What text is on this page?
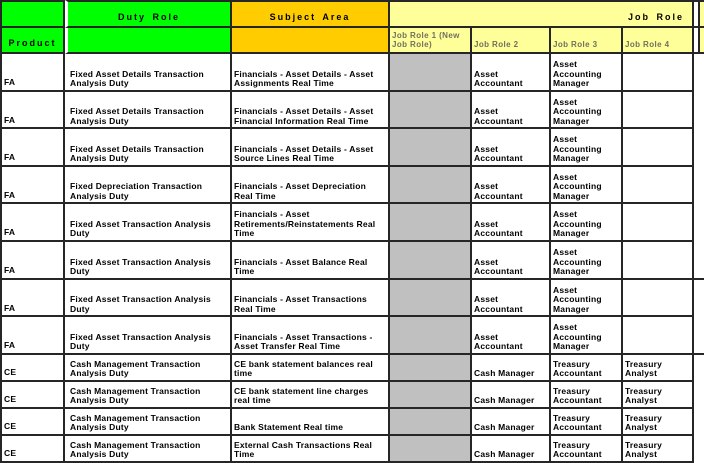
	Duty Role	Subject Area	Job Role				
Product			Job Role 1 (New Job Role)	Job Role 2	Job Role 3	Job Role 4	
FA	Fixed Asset Details Transaction Analysis Duty	Financials - Asset Details - Asset Assignments Real Time		Asset Accountant	Asset Accounting Manager		
FA	Fixed Asset Details Transaction Analysis Duty	Financials - Asset Details - Asset Financial Information Real Time		Asset Accountant	Asset Accounting Manager		
FA	Fixed Asset Details Transaction Analysis Duty	Financials - Asset Details - Asset Source Lines Real Time		Asset Accountant	Asset Accounting Manager		
FA	Fixed Depreciation Transaction Analysis Duty	Financials - Asset Depreciation Real Time		Asset Accountant	Asset Accounting Manager		
FA	Fixed Asset Transaction Analysis Duty	Financials - Asset Retirements/Reinstatements Real Time		Asset Accountant	Asset Accounting Manager		
FA	Fixed Asset Transaction Analysis Duty	Financials - Asset Balance Real Time		Asset Accountant	Asset Accounting Manager		
FA	Fixed Asset Transaction Analysis Duty	Financials - Asset Transactions Real Time		Asset Accountant	Asset Accounting Manager		
FA	Fixed Asset Transaction Analysis Duty	Financials - Asset Transactions - Asset Transfer Real Time		Asset Accountant	Asset Accounting Manager		
CE	Cash Management Transaction Analysis Duty	CE bank statement balances real time		Cash Manager	Treasury Accountant	Treasury Analyst	
CE	Cash Management Transaction Analysis Duty	CE bank statement line charges real time		Cash Manager	Treasury Accountant	Treasury Analyst	
CE	Cash Management Transaction Analysis Duty	Bank Statement Real time		Cash Manager	Treasury Accountant	Treasury Analyst	
CE	Cash Management Transaction Analysis Duty	External Cash Transactions Real Time		Cash Manager	Treasury Accountant	Treasury Analyst	
